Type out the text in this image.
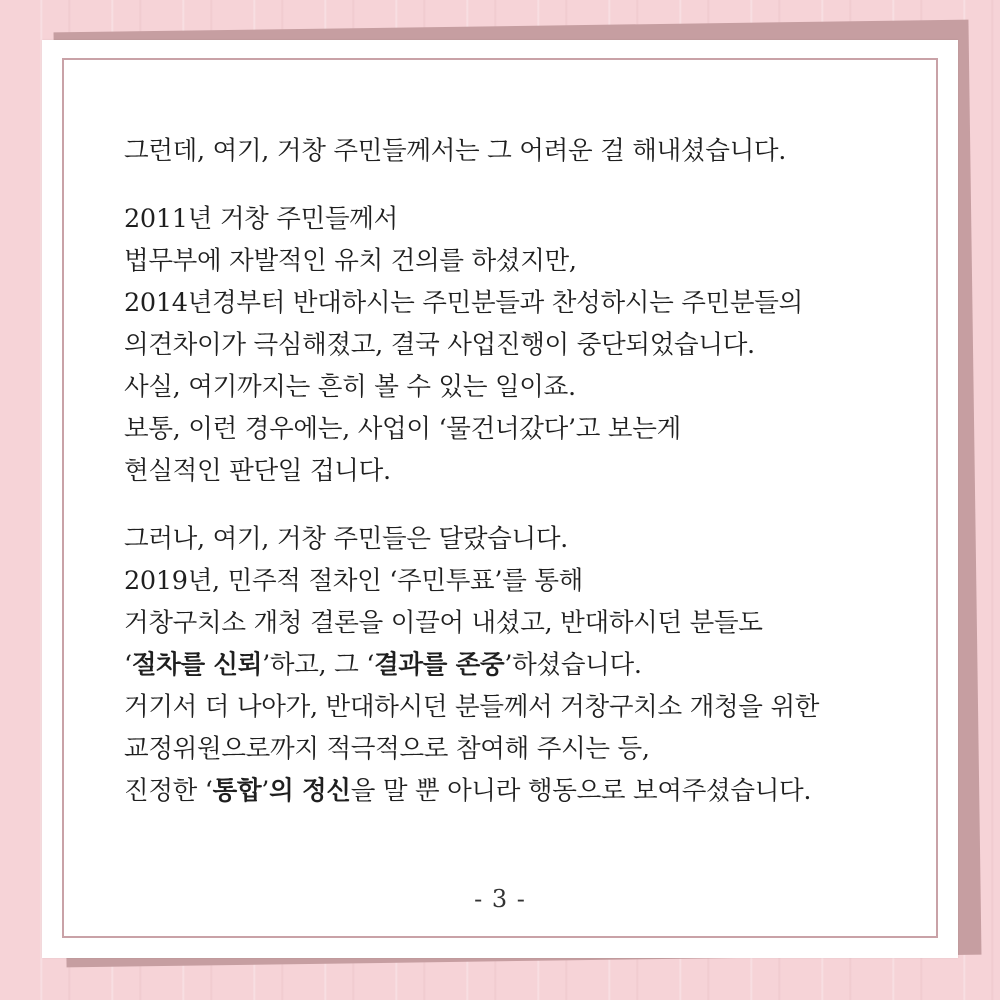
그런데, 여기, 거창 주민들께서는 그 어려운 걸 해내셨습니다.
2011년 거창 주민들께서
법무부에 자발적인 유치 건의를 하셨지만,
2014년경부터 반대하시는 주민분들과 찬성하시는 주민분들의
의견차이가 극심해졌고, 결국 사업진행이 중단되었습니다.
사실, 여기까지는 흔히 볼 수 있는 일이죠.
보통, 이런 경우에는, 사업이 ‘물건너갔다’고 보는게
현실적인 판단일 겁니다.
그러나, 여기, 거창 주민들은 달랐습니다.
2019년, 민주적 절차인 ‘주민투표’를 통해
거창구치소 개청 결론을 이끌어 내셨고, 반대하시던 분들도
‘절차를 신뢰’하고, 그 ‘결과를 존중’하셨습니다.
거기서 더 나아가, 반대하시던 분들께서 거창구치소 개청을 위한
교정위원으로까지 적극적으로 참여해 주시는 등,
진정한 ‘통합’의 정신을 말 뿐 아니라 행동으로 보여주셨습니다.
- 3 -
